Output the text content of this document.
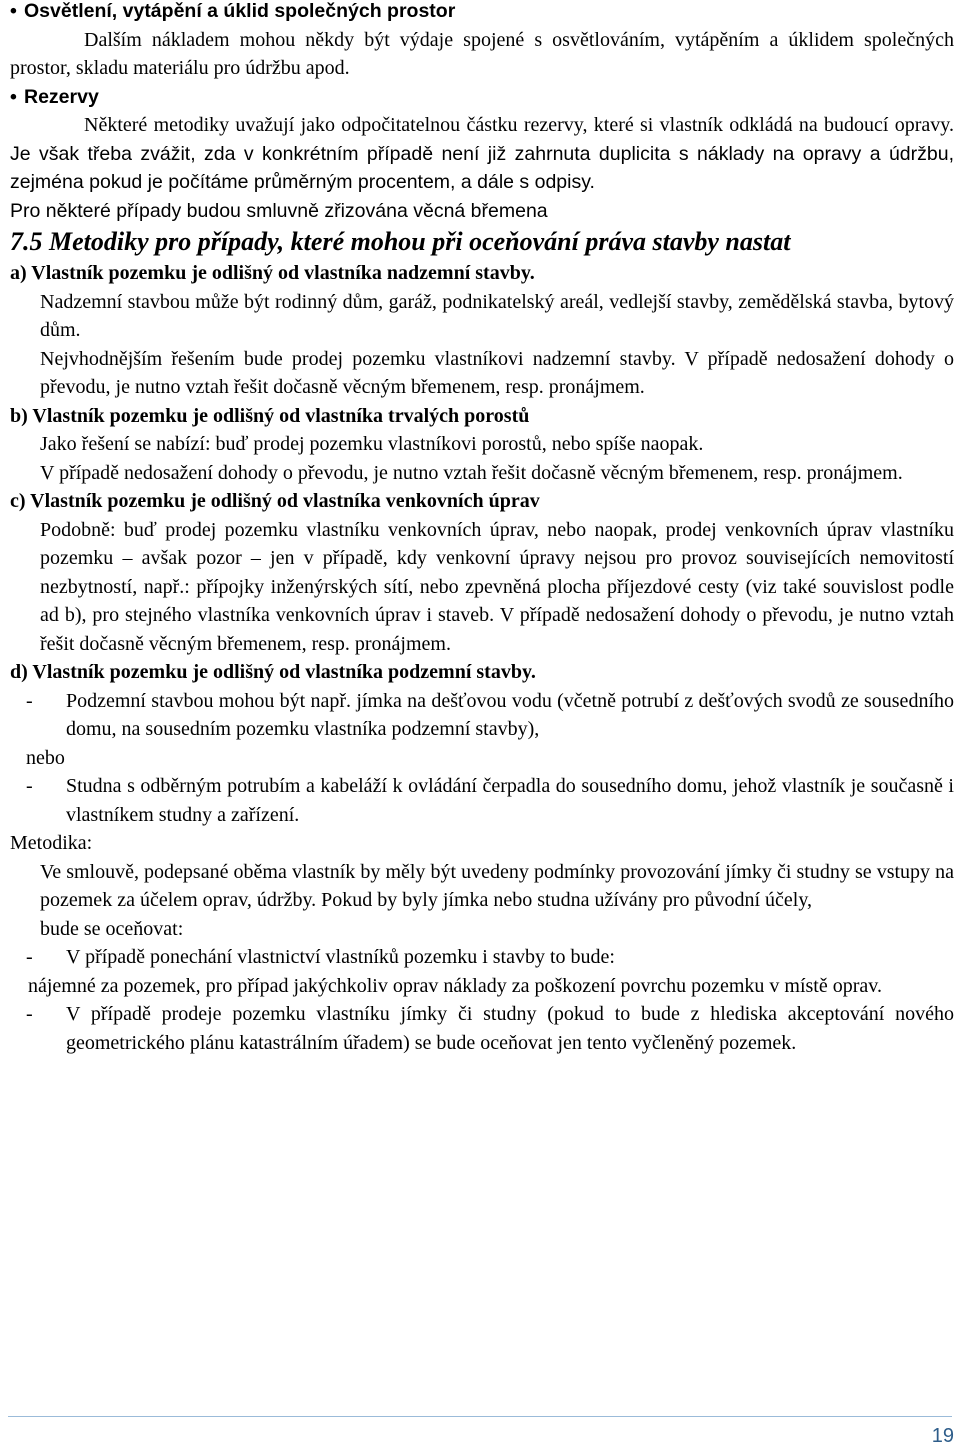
• Osvětlení, vytápění a úklid společných prostor
Dalším nákladem mohou někdy být výdaje spojené s osvětlováním, vytápěním a úklidem společných prostor, skladu materiálu pro údržbu apod.
• Rezervy
Některé metodiky uvažují jako odpočitatelnou částku rezervy, které si vlastník odkládá na budoucí opravy. Je však třeba zvážit, zda v konkrétním případě není již zahrnuta duplicita s náklady na opravy a údržbu, zejména pokud je počítáme průměrným procentem, a dále s odpisy.
Pro některé případy budou smluvně zřizována věcná břemena
7.5 Metodiky pro případy, které mohou při oceňování práva stavby nastat
a) Vlastník pozemku je odlišný od vlastníka nadzemní stavby.
Nadzemní stavbou může být rodinný dům, garáž, podnikatelský areál, vedlejší stavby, zemědělská stavba, bytový dům.
Nejvhodnějším řešením bude prodej pozemku vlastníkovi nadzemní stavby. V případě nedosažení dohody o převodu, je nutno vztah řešit dočasně věcným břemenem, resp. pronájmem.
b) Vlastník pozemku je odlišný od vlastníka trvalých porostů
Jako řešení se nabízí: buď prodej pozemku vlastníkovi porostů, nebo spíše naopak.
V případě nedosažení dohody o převodu, je nutno vztah řešit dočasně věcným břemenem, resp. pronájmem.
c) Vlastník pozemku je odlišný od vlastníka venkovních úprav
Podobně: buď prodej pozemku vlastníku venkovních úprav, nebo naopak, prodej venkovních úprav vlastníku pozemku – avšak pozor – jen v případě, kdy venkovní úpravy nejsou pro provoz souvisejících nemovitostí nezbytností, např.: přípojky inženýrských sítí, nebo zpevněná plocha příjezdové cesty (viz také souvislost podle ad b), pro stejného vlastníka venkovních úprav i staveb. V případě nedosažení dohody o převodu, je nutno vztah řešit dočasně věcným břemenem, resp. pronájmem.
d) Vlastník pozemku je odlišný od vlastníka podzemní stavby.
-	Podzemní stavbou mohou být např. jímka na dešťovou vodu (včetně potrubí z dešťových svodů ze sousedního domu, na sousedním pozemku vlastníka podzemní stavby),
nebo
-	Studna s odběrným potrubím a kabeláží k ovládání čerpadla do sousedního domu, jehož vlastník je současně i vlastníkem studny a zařízení.
Metodika:
Ve smlouvě, podepsané oběma vlastník by měly být uvedeny podmínky provozování jímky či studny se vstupy na pozemek za účelem oprav, údržby. Pokud by byly jímka nebo studna užívány pro původní účely,
bude se oceňovat:
-	V případě ponechání vlastnictví vlastníků pozemku i stavby to bude:
nájemné za pozemek, pro případ jakýchkoliv oprav náklady za poškození povrchu pozemku v místě oprav.
-	V případě prodeje pozemku vlastníku jímky či studny (pokud to bude z hlediska akceptování nového geometrického plánu katastrálním úřadem) se bude oceňovat jen tento vyčleněný pozemek.
19
